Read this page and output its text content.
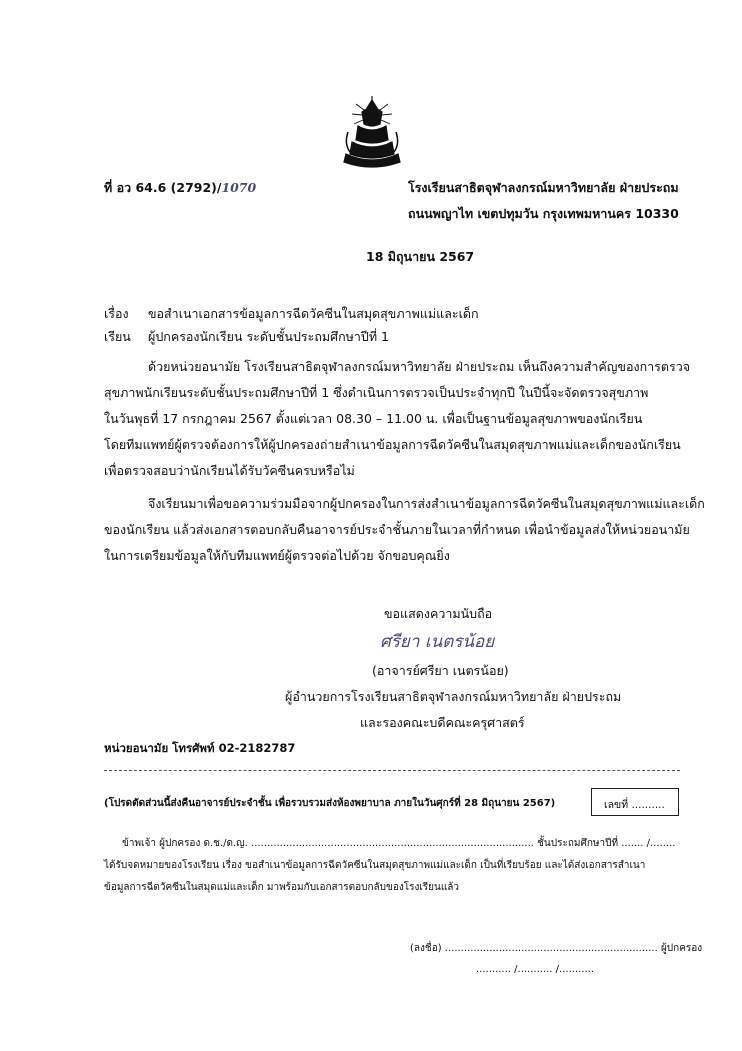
ที่ อว 64.6 (2792)/1070	โรงเรียนสาธิตจุฬาลงกรณ์มหาวิทยาลัย ฝ่ายประถม
ถนนพญาไท เขตปทุมวัน กรุงเทพมหานคร 10330
18 มิถุนายน 2567
เรื่อง ขอสำเนาเอกสารข้อมูลการฉีดวัคซีนในสมุดสุขภาพแม่และเด็ก
เรียน ผู้ปกครองนักเรียน ระดับชั้นประถมศึกษาปีที่ 1
ด้วยหน่วยอนามัย โรงเรียนสาธิตจุฬาลงกรณ์มหาวิทยาลัย ฝ่ายประถม เห็นถึงความสำคัญของการตรวจ
สุขภาพนักเรียนระดับชั้นประถมศึกษาปีที่ 1 ซึ่งดำเนินการตรวจเป็นประจำทุกปี ในปีนี้จะจัดตรวจสุขภาพ
ในวันพุธที่ 17 กรกฎาคม 2567 ตั้งแต่เวลา 08.30 – 11.00 น. เพื่อเป็นฐานข้อมูลสุขภาพของนักเรียน
โดยทีมแพทย์ผู้ตรวจต้องการให้ผู้ปกครองถ่ายสำเนาข้อมูลการฉีดวัคซีนในสมุดสุขภาพแม่และเด็กของนักเรียน
เพื่อตรวจสอบว่านักเรียนได้รับวัคซีนครบหรือไม่
จึงเรียนมาเพื่อขอความร่วมมือจากผู้ปกครองในการส่งสำเนาข้อมูลการฉีดวัคซีนในสมุดสุขภาพแม่และเด็ก
ของนักเรียน แล้วส่งเอกสารตอบกลับคืนอาจารย์ประจำชั้นภายในเวลาที่กำหนด เพื่อนำข้อมูลส่งให้หน่วยอนามัย
ในการเตรียมข้อมูลให้กับทีมแพทย์ผู้ตรวจต่อไปด้วย จักขอบคุณยิ่ง
ขอแสดงความนับถือ
ศรียา เนตรน้อย
(อาจารย์ศรียา เนตรน้อย)
ผู้อำนวยการโรงเรียนสาธิตจุฬาลงกรณ์มหาวิทยาลัย ฝ่ายประถม
และรองคณะบดีคณะครุศาสตร์
หน่วยอนามัย โทรศัพท์ 02-2182787
(โปรดตัดส่วนนี้ส่งคืนอาจารย์ประจำชั้น เพื่อรวบรวมส่งห้องพยาบาล ภายในวันศุกร์ที่ 28 มิถุนายน 2567)	เลขที่ ..........
ข้าพเจ้า ผู้ปกครอง ด.ช./ด.ญ. ......................................................................................... ชั้นประถมศึกษาปีที่ ....... /........
ได้รับจดหมายของโรงเรียน เรื่อง ขอสำเนาข้อมูลการฉีดวัคซีนในสมุดสุขภาพแม่และเด็ก เป็นที่เรียบร้อย และได้ส่งเอกสารสำเนา
ข้อมูลการฉีดวัคซีนในสมุดแม่และเด็ก มาพร้อมกับเอกสารตอบกลับของโรงเรียนแล้ว
(ลงชื่อ) ................................................................... ผู้ปกครอง
........... /........... /...........
